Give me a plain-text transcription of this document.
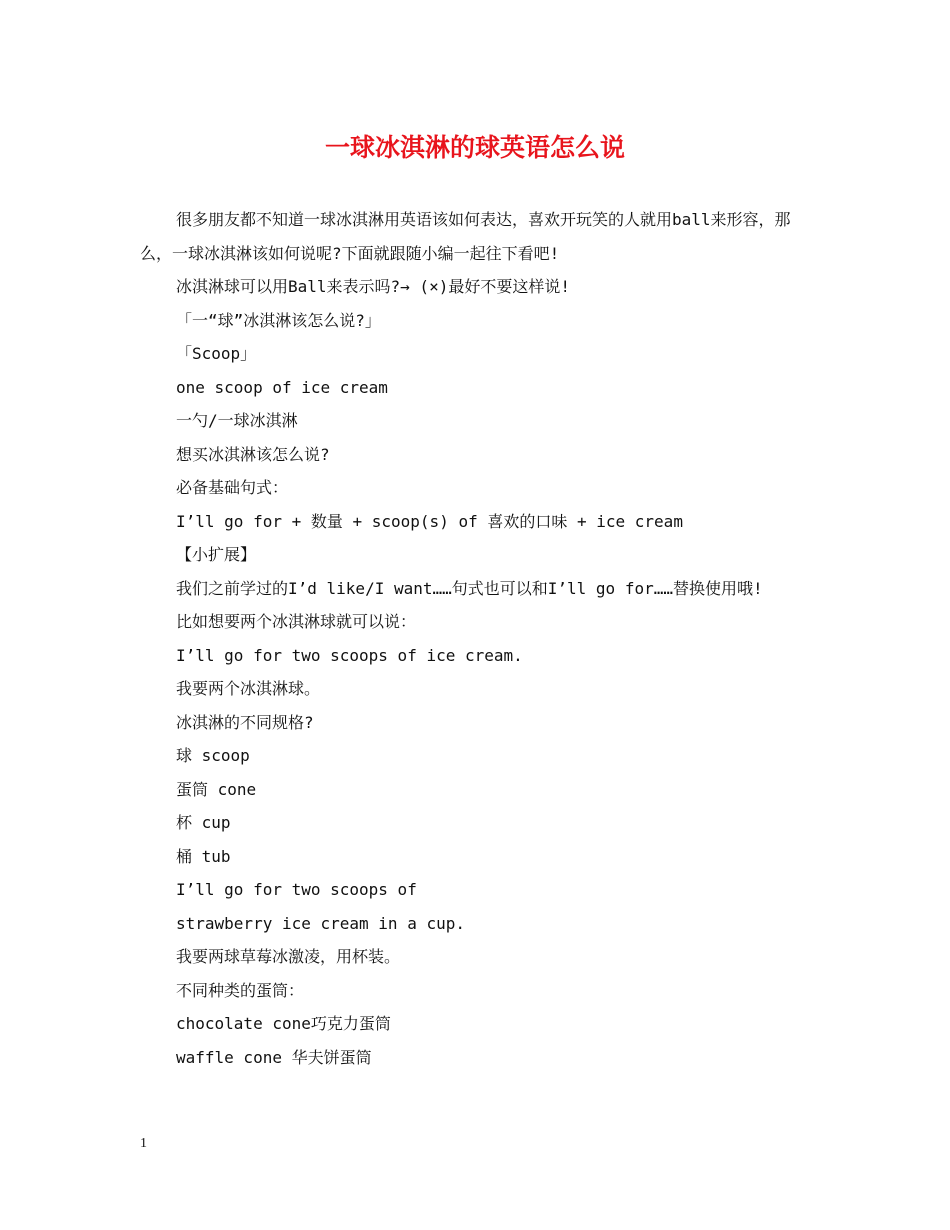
一球冰淇淋的球英语怎么说

很多朋友都不知道一球冰淇淋用英语该如何表达，喜欢开玩笑的人就用ball来形容，那么，一球冰淇淋该如何说呢?下面就跟随小编一起往下看吧!

冰淇淋球可以用Ball来表示吗?→ (×)最好不要这样说!

「一“球”冰淇淋该怎么说?」

「Scoop」

one scoop of ice cream

一勺/一球冰淇淋

想买冰淇淋该怎么说?

必备基础句式：

I’ll go for + 数量 + scoop(s) of 喜欢的口味 + ice cream

【小扩展】

我们之前学过的I’d like/I want……句式也可以和I’ll go for……替换使用哦!

比如想要两个冰淇淋球就可以说：

I’ll go for two scoops of ice cream.

我要两个冰淇淋球。

冰淇淋的不同规格?

球 scoop

蛋筒 cone

杯 cup

桶 tub

I’ll go for two scoops of

strawberry ice cream in a cup.

我要两球草莓冰激凌，用杯装。

不同种类的蛋筒：

chocolate cone巧克力蛋筒

waffle cone 华夫饼蛋筒

1
